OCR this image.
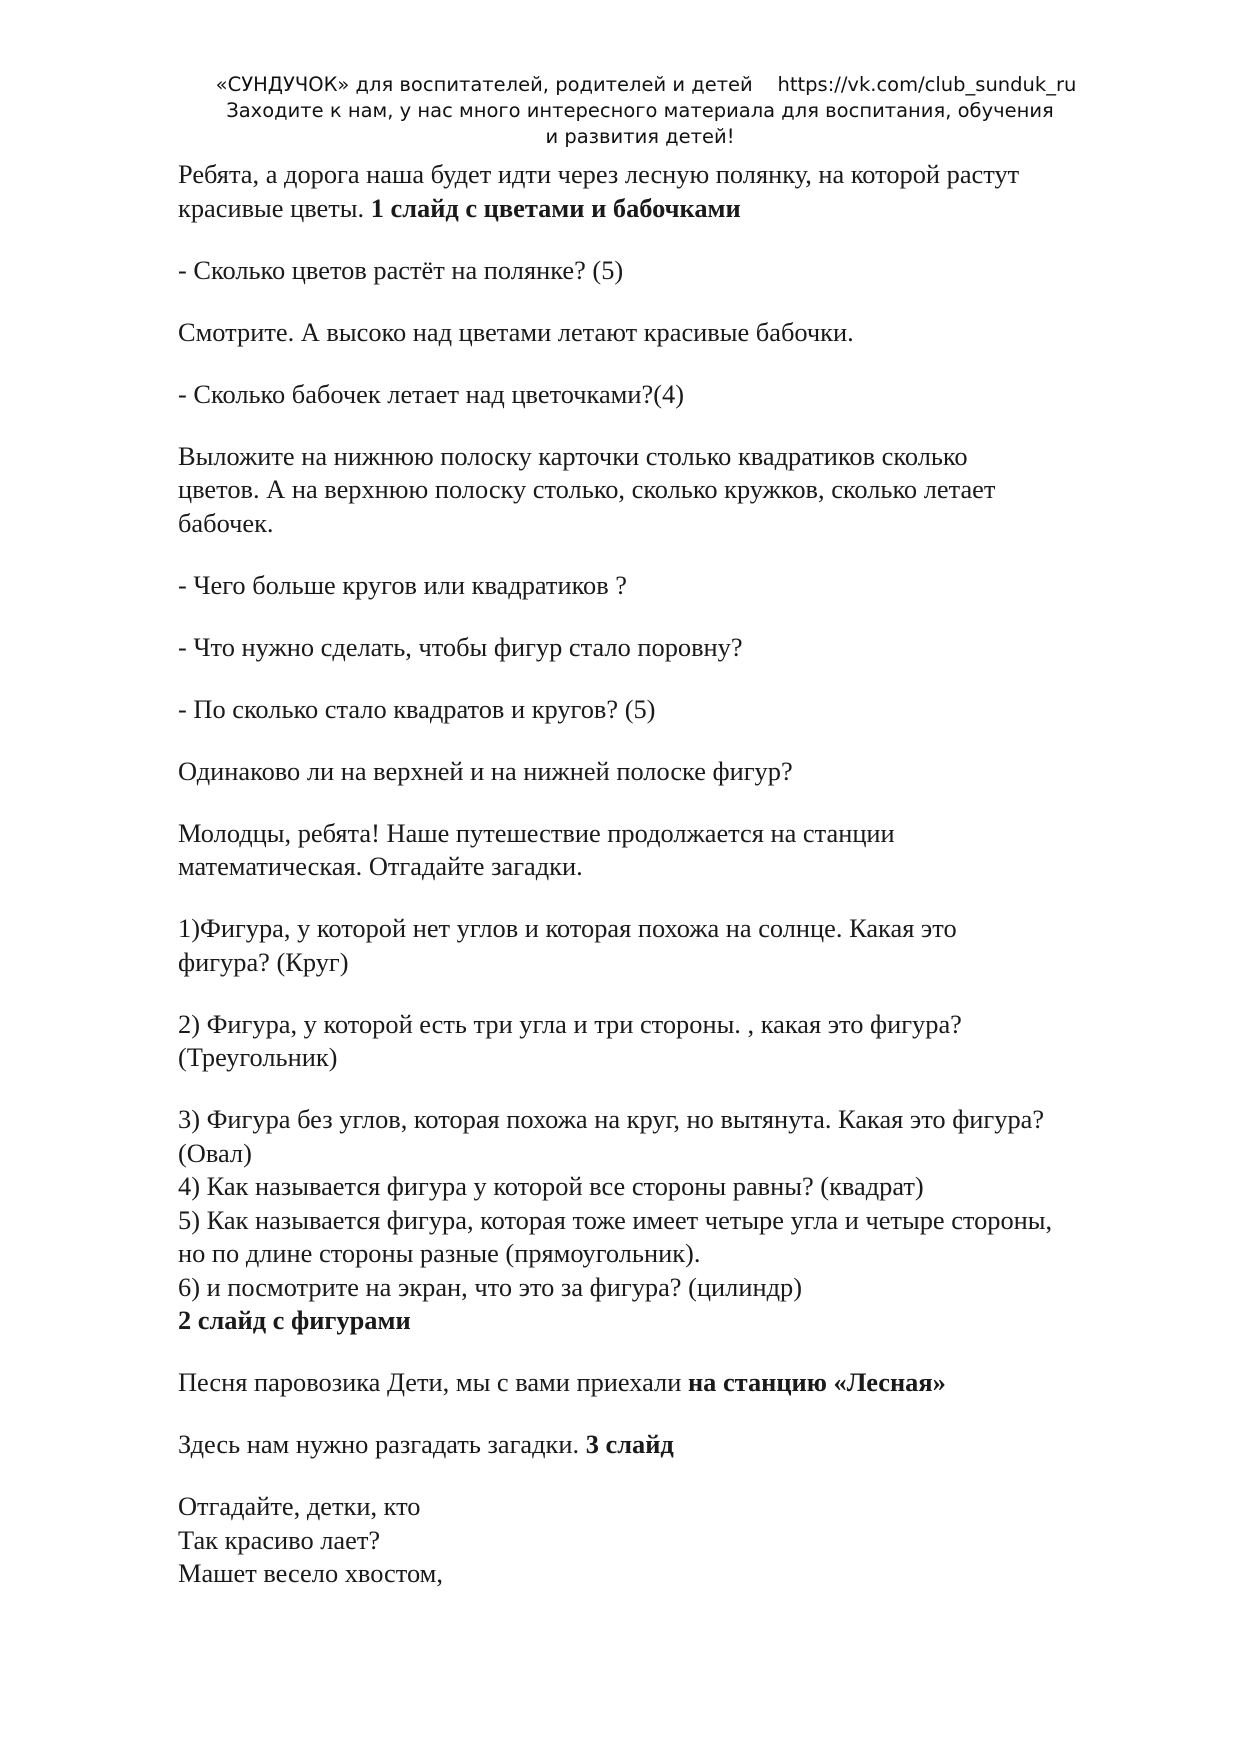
«СУНДУЧОК» для воспитателей, родителей и детей    https://vk.com/club_sunduk_ru
Заходите к нам, у нас много интересного материала для воспитания, обучения
и развития детей!

Ребята, а дорога наша будет идти через лесную полянку, на которой растут
красивые цветы. 1 слайд с цветами и бабочками

- Сколько цветов растёт на полянке? (5)

Смотрите. А высоко над цветами летают красивые бабочки.

- Сколько бабочек летает над цветочками?(4)

Выложите на нижнюю полоску карточки столько квадратиков сколько
цветов. А на верхнюю полоску столько, сколько кружков, сколько летает
бабочек.

- Чего больше кругов или квадратиков ?

- Что нужно сделать, чтобы фигур стало поровну?

- По сколько стало квадратов и кругов? (5)

Одинаково ли на верхней и на нижней полоске фигур?

Молодцы, ребята! Наше путешествие продолжается на станции
математическая. Отгадайте загадки.

1)Фигура, у которой нет углов и которая похожа на солнце. Какая это
фигура? (Круг)

2) Фигура, у которой есть три угла и три стороны. , какая это фигура?
(Треугольник)

3) Фигура без углов, которая похожа на круг, но вытянута. Какая это фигура?
(Овал)
4) Как называется фигура у которой все стороны равны? (квадрат)
5) Как называется фигура, которая тоже имеет четыре угла и четыре стороны,
но по длине стороны разные (прямоугольник).
6) и посмотрите на экран, что это за фигура? (цилиндр)
2 слайд с фигурами

Песня паровозика Дети, мы с вами приехали на станцию «Лесная»

Здесь нам нужно разгадать загадки. 3 слайд

Отгадайте, детки, кто
Так красиво лает?
Машет весело хвостом,
